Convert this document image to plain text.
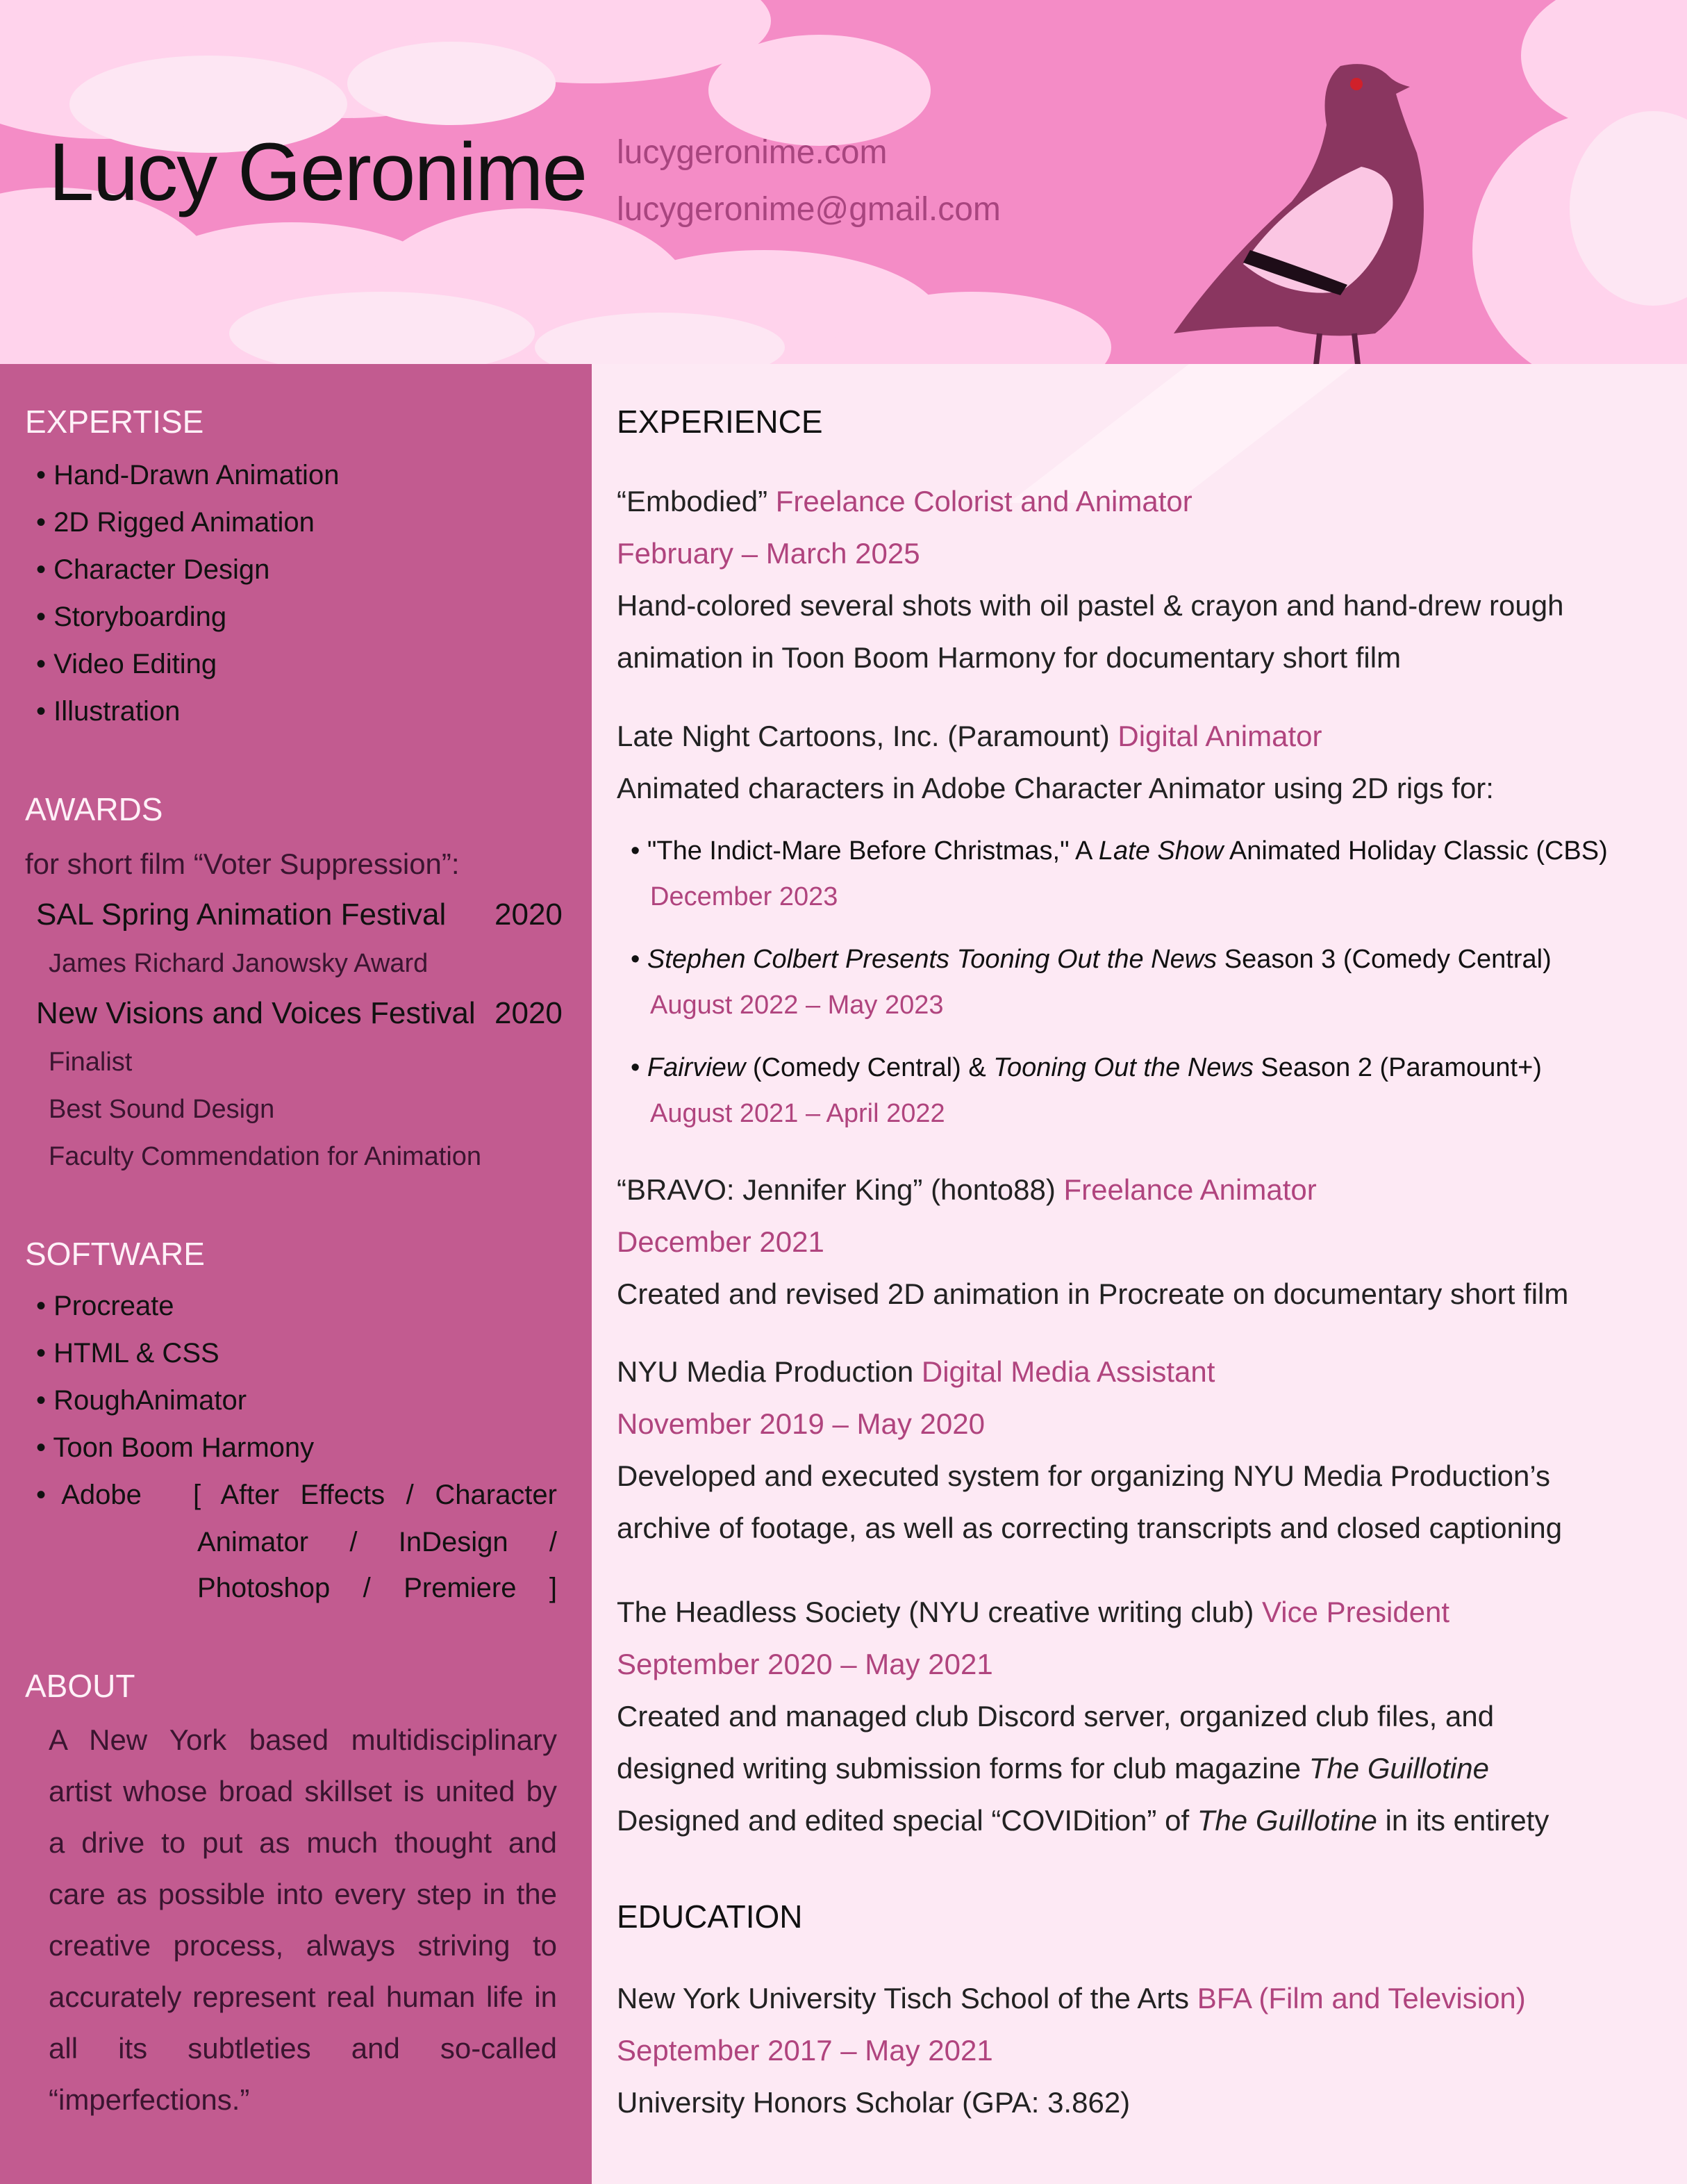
Lucy Geronime lucygeronime.com
lucygeronime@gmail.com
EXPERTISE
• Hand-Drawn Animation
• 2D Rigged Animation
• Character Design
• Storyboarding
• Video Editing
• Illustration
AWARDS
for short film “Voter Suppression”:
SAL Spring Animation Festival 2020
James Richard Janowsky Award
New Visions and Voices Festival 2020
Finalist
Best Sound Design
Faculty Commendation for Animation
SOFTWARE
• Procreate
• HTML & CSS
• RoughAnimator
• Toon Boom Harmony
•  Adobe [ After Effects / Character
Animator / InDesign /
Photoshop / Premiere ]
ABOUT
A New York based multidisciplinary artist whose broad skillset is united by a drive to put as much thought and care as possible into every step in the creative process, always striving to accurately represent real human life in all its subtleties and so-called “imperfections.”
EXPERIENCE
“Embodied” Freelance Colorist and Animator
February – March 2025
Hand-colored several shots with oil pastel & crayon and hand-drew rough
animation in Toon Boom Harmony for documentary short film
Late Night Cartoons, Inc. (Paramount) Digital Animator
Animated characters in Adobe Character Animator using 2D rigs for:
• "The Indict-Mare Before Christmas," A Late Show Animated Holiday Classic (CBS)
December 2023
• Stephen Colbert Presents Tooning Out the News Season 3 (Comedy Central)
August 2022 – May 2023
• Fairview (Comedy Central) & Tooning Out the News Season 2 (Paramount+)
August 2021 – April 2022
“BRAVO: Jennifer King” (honto88) Freelance Animator
December 2021
Created and revised 2D animation in Procreate on documentary short film
NYU Media Production Digital Media Assistant
November 2019 – May 2020
Developed and executed system for organizing NYU Media Production’s
archive of footage, as well as correcting transcripts and closed captioning
The Headless Society (NYU creative writing club) Vice President
September 2020 – May 2021
Created and managed club Discord server, organized club files, and
designed writing submission forms for club magazine The Guillotine
Designed and edited special “COVIDition” of The Guillotine in its entirety
EDUCATION
New York University Tisch School of the Arts BFA (Film and Television)
September 2017 – May 2021
University Honors Scholar (GPA: 3.862)
